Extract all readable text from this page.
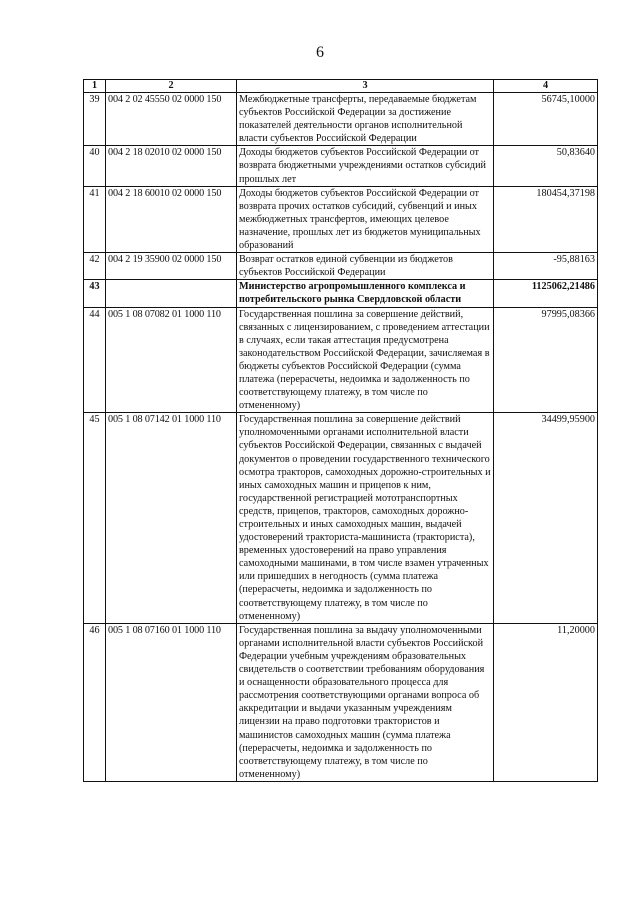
6
1	2	3	4
39	004 2 02 45550 02 0000 150	Межбюджетные трансферты, передаваемые бюджетам субъектов Российской Федерации за достижение показателей деятельности органов исполнительной власти субъектов Российской Федерации	56745,10000
40	004 2 18 02010 02 0000 150	Доходы бюджетов субъектов Российской Федерации от возврата бюджетными учреждениями остатков субсидий прошлых лет	50,83640
41	004 2 18 60010 02 0000 150	Доходы бюджетов субъектов Российской Федерации от возврата прочих остатков субсидий, субвенций и иных межбюджетных трансфертов, имеющих целевое назначение, прошлых лет из бюджетов муниципальных образований	180454,37198
42	004 2 19 35900 02 0000 150	Возврат остатков единой субвенции из бюджетов субъектов Российской Федерации	-95,88163
43		Министерство агропромышленного комплекса и потребительского рынка Свердловской области	1125062,21486
44	005 1 08 07082 01 1000 110	Государственная пошлина за совершение действий, связанных с лицензированием, с проведением аттестации в случаях, если такая аттестация предусмотрена законодательством Российской Федерации, зачисляемая в бюджеты субъектов Российской Федерации (сумма платежа (перерасчеты, недоимка и задолженность по соответствующему платежу, в том числе по отмененному)	97995,08366
45	005 1 08 07142 01 1000 110	Государственная пошлина за совершение действий уполномоченными органами исполнительной власти субъектов Российской Федерации, связанных с выдачей документов о проведении государственного технического осмотра тракторов, самоходных дорожно-строительных и иных самоходных машин и прицепов к ним, государственной регистрацией мототранспортных средств, прицепов, тракторов, самоходных дорожно-строительных и иных самоходных машин, выдачей удостоверений тракториста-машиниста (тракториста), временных удостоверений на право управления самоходными машинами, в том числе взамен утраченных или пришедших в негодность (сумма платежа (перерасчеты, недоимка и задолженность по соответствующему платежу, в том числе по отмененному)	34499,95900
46	005 1 08 07160 01 1000 110	Государственная пошлина за выдачу уполномоченными органами исполнительной власти субъектов Российской Федерации учебным учреждениям образовательных свидетельств о соответствии требованиям оборудования и оснащенности образовательного процесса для рассмотрения соответствующими органами вопроса об аккредитации и выдачи указанным учреждениям лицензии на право подготовки трактористов и машинистов самоходных машин (сумма платежа (перерасчеты, недоимка и задолженность по соответствующему платежу, в том числе по отмененному)	11,20000
